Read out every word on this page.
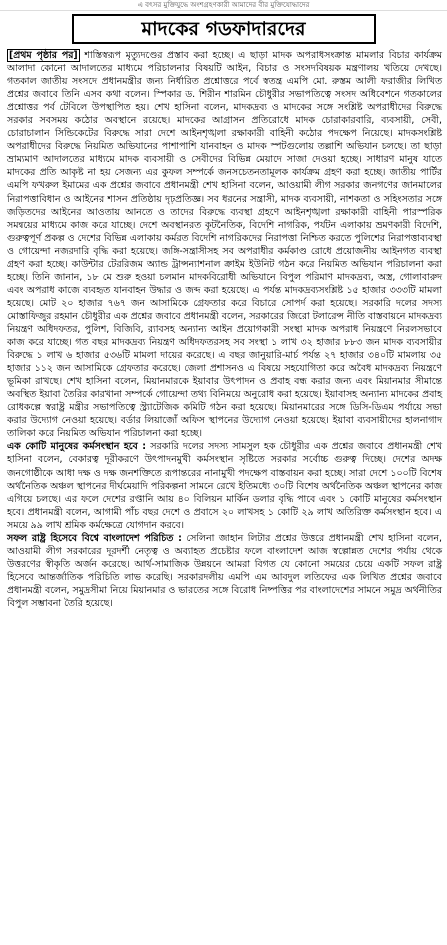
এ বৎসর মুক্তিযুদ্ধে অংশগ্রহণকারী আমাদের বীর মুক্তিযোদ্ধাদের
মাদকের গডফাদারদের

[প্রথম পৃষ্ঠার পর] শাস্তিস্বরূপ মৃত্যুদণ্ডের প্রস্তাব করা হচ্ছে। এ ছাড়া মাদক অপরাধসংক্রান্ত মামলার বিচার কার্যক্রম আলাদা কোনো আদালতের মাধ্যমে পরিচালনার বিষয়টি আইন, বিচার ও সংসদবিষয়ক মন্ত্রণালয় খতিয়ে দেখছে। গতকাল জাতীয় সংসদে প্রধানমন্ত্রীর জন্য নির্ধারিত প্রশ্নোত্তরে পর্বে স্বতন্ত্র এমপি মো. রুস্তম আলী ফরাজীর লিখিত প্রশ্নের জবাবে তিনি এসব কথা বলেন। স্পিকার ড. শিরীন শারমিন চৌধুরীর সভাপতিত্বে সংসদ অধিবেশনে গতকালের প্রশ্নোত্তর পর্ব টেবিলে উপস্থাপিত হয়। শেখ হাসিনা বলেন, মাদকদ্রব্য ও মাদকের সঙ্গে সংশ্লিষ্ট অপরাধীদের বিরুদ্ধে সরকার সবসময় কঠোর অবস্থানে রয়েছে। মাদকের আগ্রাসন প্রতিরোধে মাদক চোরাকারবারি, ব্যবসায়ী, সেবী, চোরাচালান সিন্ডিকেটের বিরুদ্ধে সারা দেশে আইনশৃঙ্খলা রক্ষাকারী বাহিনী কঠোর পদক্ষেপ নিয়েছে। মাদকসংশ্লিষ্ট অপরাধীদের বিরুদ্ধে নিয়মিত অভিযানের পাশাপাশি যানবাহন ও মাদক স্পটগুলোয় তল্লাশি অভিযান চলছে। তা ছাড়া ভ্রাম্যমাণ আদালতের মাধ্যমে মাদক ব্যবসায়ী ও সেবীদের বিভিন্ন মেয়াদে সাজা দেওয়া হচ্ছে। সাধারণ মানুষ যাতে মাদকের প্রতি আকৃষ্ট না হয় সেজন্য এর কুফল সম্পর্কে জনসচেতনতামূলক কার্যক্রম গ্রহণ করা হচ্ছে। জাতীয় পার্টির এমপি ফখরুল ইমামের এক প্রশ্নের জবাবে প্রধানমন্ত্রী শেখ হাসিনা বলেন, আওয়ামী লীগ সরকার জনগণের জানমালের নিরাপত্তাবিধান ও আইনের শাসন প্রতিষ্ঠায় দৃঢ়প্রতিজ্ঞ। সব ধরনের সন্ত্রাসী, মাদক ব্যবসায়ী, নাশকতা ও সহিংসতার সঙ্গে জড়িতদের আইনের আওতায় আনতে ও তাদের বিরুদ্ধে ব্যবস্থা গ্রহণে আইনশৃঙ্খলা রক্ষাকারী বাহিনী পারস্পরিক সমন্বয়ের মাধ্যমে কাজ করে যাচ্ছে। দেশে অবস্থানরত কূটনৈতিক, বিদেশি নাগরিক, পর্যটন এলাকায় ভ্রমণকারী বিদেশি, গুরুত্বপূর্ণ প্রকল্প ও দেশের বিভিন্ন এলাকায় কর্মরত বিদেশি নাগরিকদের নিরাপত্তা নিশ্চিত করতে পুলিশের নিরাপত্তাব্যবস্থা ও গোয়েন্দা নজরদারি বৃদ্ধি করা হয়েছে। জঙ্গি-সন্ত্রাসীসহ সব অপরাধীর কর্মকাণ্ড রোধে প্রয়োজনীয় আইনগত ব্যবস্থা গ্রহণ করা হচ্ছে। কাউন্টার টেররিজম অ্যান্ড ট্রান্সন্যাশনাল ক্রাইম ইউনিট গঠন করে নিয়মিত অভিযান পরিচালনা করা হচ্ছে। তিনি জানান, ১৮ মে শুরু হওয়া চলমান মাদকবিরোধী অভিযানে বিপুল পরিমাণ মাদকদ্রব্য, অস্ত্র, গোলাবারুদ এবং অপরাধ কাজে ব্যবহৃত যানবাহন উদ্ধার ও জব্দ করা হয়েছে। এ পর্যন্ত মাদকদ্রব্যসংশ্লিষ্ট ১৫ হাজার ৩৩৩টি মামলা হয়েছে। মোট ২০ হাজার ৭৬৭ জন আসামিকে গ্রেফতার করে বিচারে সোপর্দ করা হয়েছে। সরকারি দলের সদস্য মোস্তাফিজুর রহমান চৌধুরীর এক প্রশ্নের জবাবে প্রধানমন্ত্রী বলেন, সরকারের জিরো টলারেন্স নীতি বাস্তবায়নে মাদকদ্রব্য নিয়ন্ত্রণ অধিদফতর, পুলিশ, বিজিবি, র‍্যাবসহ অন্যান্য আইন প্রয়োগকারী সংস্থা মাদক অপরাধ নিয়ন্ত্রণে নিরলসভাবে কাজ করে যাচ্ছে। গত বছর মাদকদ্রব্য নিয়ন্ত্রণ অধিদফতরসহ সব সংস্থা ১ লাখ ৩২ হাজার ৮৮৩ জন মাদক ব্যবসায়ীর বিরুদ্ধে ১ লাখ ৬ হাজার ৫৩৬টি মামলা দায়ের করেছে। এ বছর জানুয়ারি-মার্চ পর্যন্ত ২৭ হাজার ৩৪০টি মামলায় ৩৫ হাজার ১১২ জন আসামিকে গ্রেফতার করেছে। জেলা প্রশাসনও এ বিষয়ে সহযোগিতা করে অবৈধ মাদকদ্রব্য নিয়ন্ত্রণে ভূমিকা রাখছে। শেখ হাসিনা বলেন, মিয়ানমারকে ইয়াবার উৎপাদন ও প্রবাহ বন্ধ করার জন্য এবং মিয়ানমার সীমান্তে অবস্থিত ইয়াবা তৈরির কারখানা সম্পর্কে গোয়েন্দা তথ্য বিনিময়ে অনুরোধ করা হয়েছে। ইয়াবাসহ অন্যান্য মাদকের প্রবাহ রোধকল্পে স্বরাষ্ট্র মন্ত্রীর সভাপতিত্বে স্ট্র্যাটেজিক কমিটি গঠন করা হয়েছে। মিয়ানমারের সঙ্গে ডিসি-ডিএম পর্যায়ে সভা করার উদ্যোগ নেওয়া হয়েছে। বর্ডার লিয়াজোঁ অফিস স্থাপনের উদ্যোগ নেওয়া হয়েছে। ইয়াবা ব্যবসায়ীদের হালনাগাদ তালিকা করে নিয়মিত অভিযান পরিচালনা করা হচ্ছে।

এক কোটি মানুষের কর্মসংস্থান হবে : সরকারি দলের সদস্য সামসুল হক চৌধুরীর এক প্রশ্নের জবাবে প্রধানমন্ত্রী শেখ হাসিনা বলেন, বেকারত্ব দূরীকরণে উৎপাদনমুখী কর্মসংস্থান সৃষ্টিতে সরকার সর্বোচ্চ গুরুত্ব দিচ্ছে। দেশের অদক্ষ জনগোষ্ঠীকে আধা দক্ষ ও দক্ষ জনশক্তিতে রূপান্তরের নানামুখী পদক্ষেপ বাস্তবায়ন করা হচ্ছে। সারা দেশে ১০০টি বিশেষ অর্থনৈতিক অঞ্চল স্থাপনের দীর্ঘমেয়াদি পরিকল্পনা সামনে রেখে ইতিমধ্যে ৩০টি বিশেষ অর্থনৈতিক অঞ্চল স্থাপনের কাজ এগিয়ে চলছে। এর ফলে দেশের রপ্তানি আয় ৪০ বিলিয়ন মার্কিন ডলার বৃদ্ধি পাবে এবং ১ কোটি মানুষের কর্মসংস্থান হবে। প্রধানমন্ত্রী বলেন, আগামী পাঁচ বছর দেশে ও প্রবাসে ২০ লাখসহ ১ কোটি ২৯ লাখ অতিরিক্ত কর্মসংস্থান হবে। এ সময়ে ৯৯ লাখ শ্রমিক কর্মক্ষেত্রে যোগদান করবে।

সফল রাষ্ট্র হিসেবে বিশ্বে বাংলাদেশ পরিচিত : সেলিনা জাহান লিটার প্রশ্নের উত্তরে প্রধানমন্ত্রী শেখ হাসিনা বলেন, আওয়ামী লীগ সরকারের দূরদর্শী নেতৃত্ব ও অব্যাহত প্রচেষ্টার ফলে বাংলাদেশ আজ স্বল্পোন্নত দেশের পর্যায় থেকে উত্তরণের স্বীকৃতি অর্জন করেছে। আর্থ-সামাজিক উন্নয়নে আমরা বিগত যে কোনো সময়ের চেয়ে একটি সফল রাষ্ট্র হিসেবে আন্তর্জাতিক পরিচিতি লাভ করেছি। সরকারদলীয় এমপি এম আবদুল লতিফের এক লিখিত প্রশ্নের জবাবে প্রধানমন্ত্রী বলেন, সমুদ্রসীমা নিয়ে মিয়ানমার ও ভারতের সঙ্গে বিরোধ নিষ্পত্তির পর বাংলাদেশের সামনে সমুদ্র অর্থনীতির বিপুল সম্ভাবনা তৈরি হয়েছে।
